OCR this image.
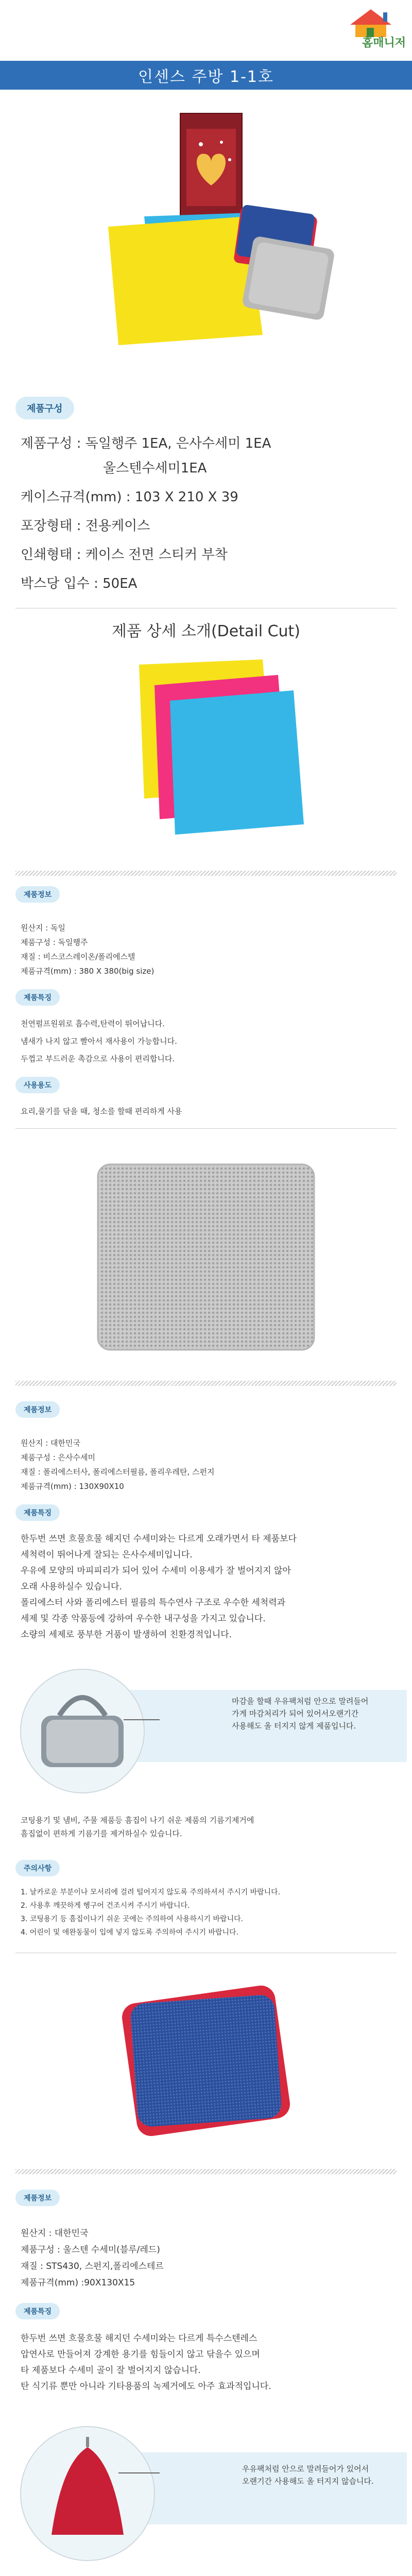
홈매니저
인센스 주방 1-1호
제품구성
제품구성 : 독일행주 1EA, 은사수세미 1EA
울스텐수세미1EA
케이스규격(mm) : 103 X 210 X 39
포장형태 : 전용케이스
인쇄형태 : 케이스 전면 스티커 부착
박스당 입수 : 50EA
제품 상세 소개(Detail Cut)
제품정보
원산지 : 독일
제품구성 : 독일행주
재질 : 비스코스레이온/폴리에스텔
제품규격(mm) : 380 X 380(big size)
제품특징
천연펄프원위로 흡수력,탄력이 뛰어납니다.
냄새가 나지 않고 빨아서 재사용이 가능합니다.
두껍고 부드러운 촉감으로 사용이 편리합니다.
사용용도
요리,물기를 닦을 때, 청소를 할때 편리하게 사용
제품정보
원산지 : 대한민국
제품구성 : 은사수세미
재질 : 폴리에스터사, 폴리에스터필름, 폴리우레탄, 스펀지
제품규격(mm) : 130X90X10
제품특징
한두번 쓰면 흐물흐물 해지던 수세미와는 다르게 오래가면서 타 제품보다
세척력이 뛰어나게 잘되는 은사수세미입니다.
우유에 모양의 마피피리가 되어 있어 수세미 이용세가 잘 벌어지지 않아
오래 사용하실수 있습니다.
폴리에스터 사와 폴리에스터 필름의 특수연사 구조로 우수한 세척력과
세제 및 각종 악품등에 강하여 우수한 내구성을 가지고 있습니다.
소량의 세제로 풍부한 거품이 발생하여 친환경적입니다.
마감을 할때 우유팩처럼 안으로 말려들어
가게 마감처리가 되어 있어서오랜기간
사용해도 올 터지지 않게 제품입니다.
코팅용기 및 냄비, 주물 제품등 흠집이 나기 쉬운 제품의 기름기제거에
흠집없이 편하게 기름기를 제거하실수 있습니다.
주의사항
1. 날카로운 부분이나 모서리에 걸려 털어지지 않도록 주의하셔서 주시기 바랍니다.
2. 사용후 깨끗하게 헹구어 건조시켜 주시기 바랍니다.
3. 코팅용기 등 흠집이나기 쉬운 곳에는 주의하여 사용하시기 바랍니다.
4. 어린이 및 애완동물이 입에 넣지 않도록 주의하여 주시기 바랍니다.
제품정보
원산지 : 대한민국
제품구성 : 울스텐 수세미(블루/레드)
재질 : STS430, 스펀지,폴리에스테르
제품규격(mm) :90X130X15
제품특징
한두번 쓰면 흐물흐물 해지던 수세미와는 다르게 특수스텐레스
압연사로 만들어져 강계한 용기를 힘들이지 않고 닦을수 있으며
타 제품보다 수세미 골이 잘 벌어지지 않습니다.
탄 식기류 뿐만 아니라 기타용품의 녹제거에도 아주 효과적입니다.
우유팩처럼 안으로 말려들어가 있어서
오랜기간 사용해도 올 터지지 않습니다.
